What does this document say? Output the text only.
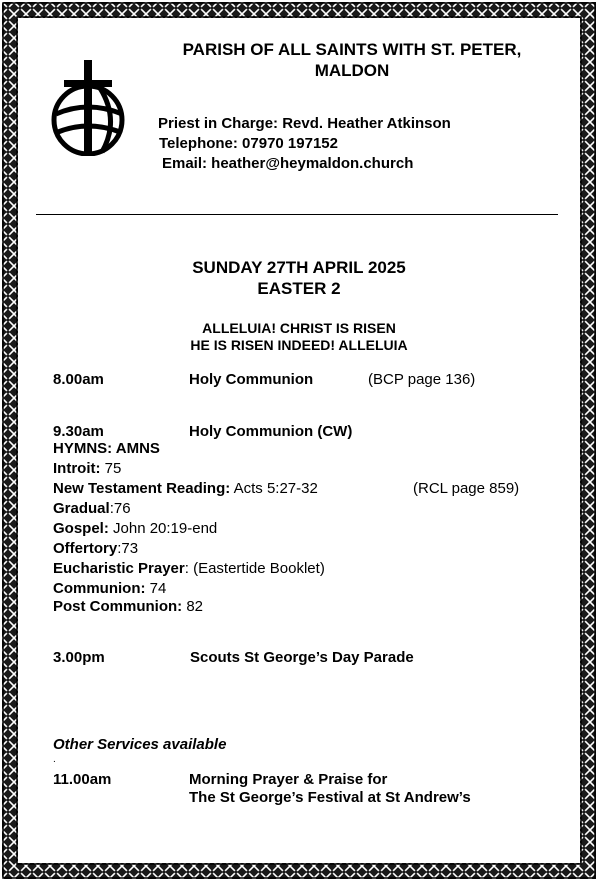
PARISH OF ALL SAINTS WITH ST. PETER,
MALDON
Priest in Charge: Revd. Heather Atkinson
Telephone: 07970 197152
Email: heather@heymaldon.church
SUNDAY 27TH APRIL 2025
EASTER 2
ALLELUIA! CHRIST IS RISEN
HE IS RISEN INDEED! ALLELUIA
8.00am	Holy Communion	(BCP page 136)
9.30am	Holy Communion (CW)
HYMNS: AMNS
Introit: 75
New Testament Reading: Acts 5:27-32	(RCL page 859)
Gradual:76
Gospel: John 20:19-end
Offertory:73
Eucharistic Prayer: (Eastertide Booklet)
Communion: 74
Post Communion: 82
3.00pm	Scouts St George’s Day Parade
Other Services available
.
11.00am	Morning Prayer & Praise for
The St George’s Festival at St Andrew’s
